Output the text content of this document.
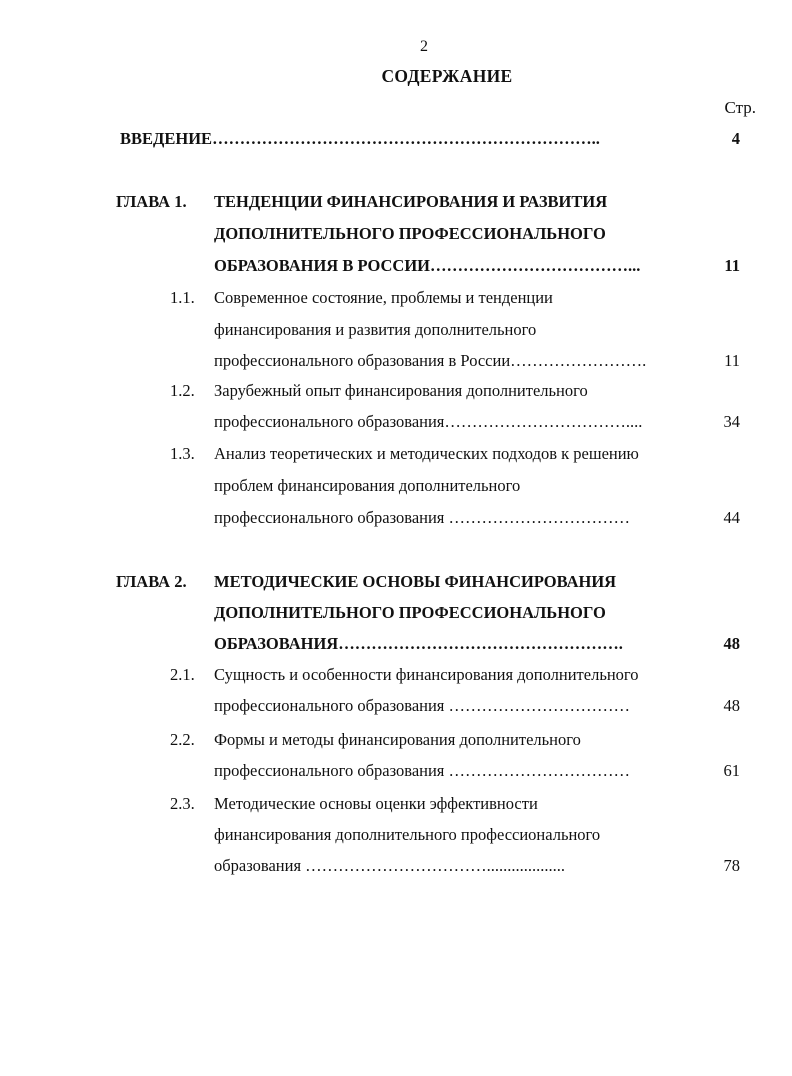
2
СОДЕРЖАНИЕ
Стр.
ВВЕДЕНИЕ……………………………………………………………..	4
ГЛАВА 1. ТЕНДЕНЦИИ ФИНАНСИРОВАНИЯ И РАЗВИТИЯ
ДОПОЛНИТЕЛЬНОГО ПРОФЕССИОНАЛЬНОГО
ОБРАЗОВАНИЯ В РОССИИ………………………………...	11
1.1. Современное состояние, проблемы и тенденции
финансирования и развития дополнительного
профессионального образования в России…………………….	11
1.2. Зарубежный опыт финансирования дополнительного
профессионального образования……………………………....	34
1.3. Анализ теоретических и методических подходов к решению
проблем финансирования дополнительного
профессионального образования ……………………………	44
ГЛАВА 2. МЕТОДИЧЕСКИЕ ОСНОВЫ ФИНАНСИРОВАНИЯ
ДОПОЛНИТЕЛЬНОГО ПРОФЕССИОНАЛЬНОГО
ОБРАЗОВАНИЯ…………………………………………….	48
2.1. Сущность и особенности финансирования дополнительного
профессионального образования ……………………………	48
2.2. Формы и методы финансирования дополнительного
профессионального образования ……………………………	61
2.3. Методические основы оценки эффективности
финансирования дополнительного профессионального
образования ……………………………...................	78
